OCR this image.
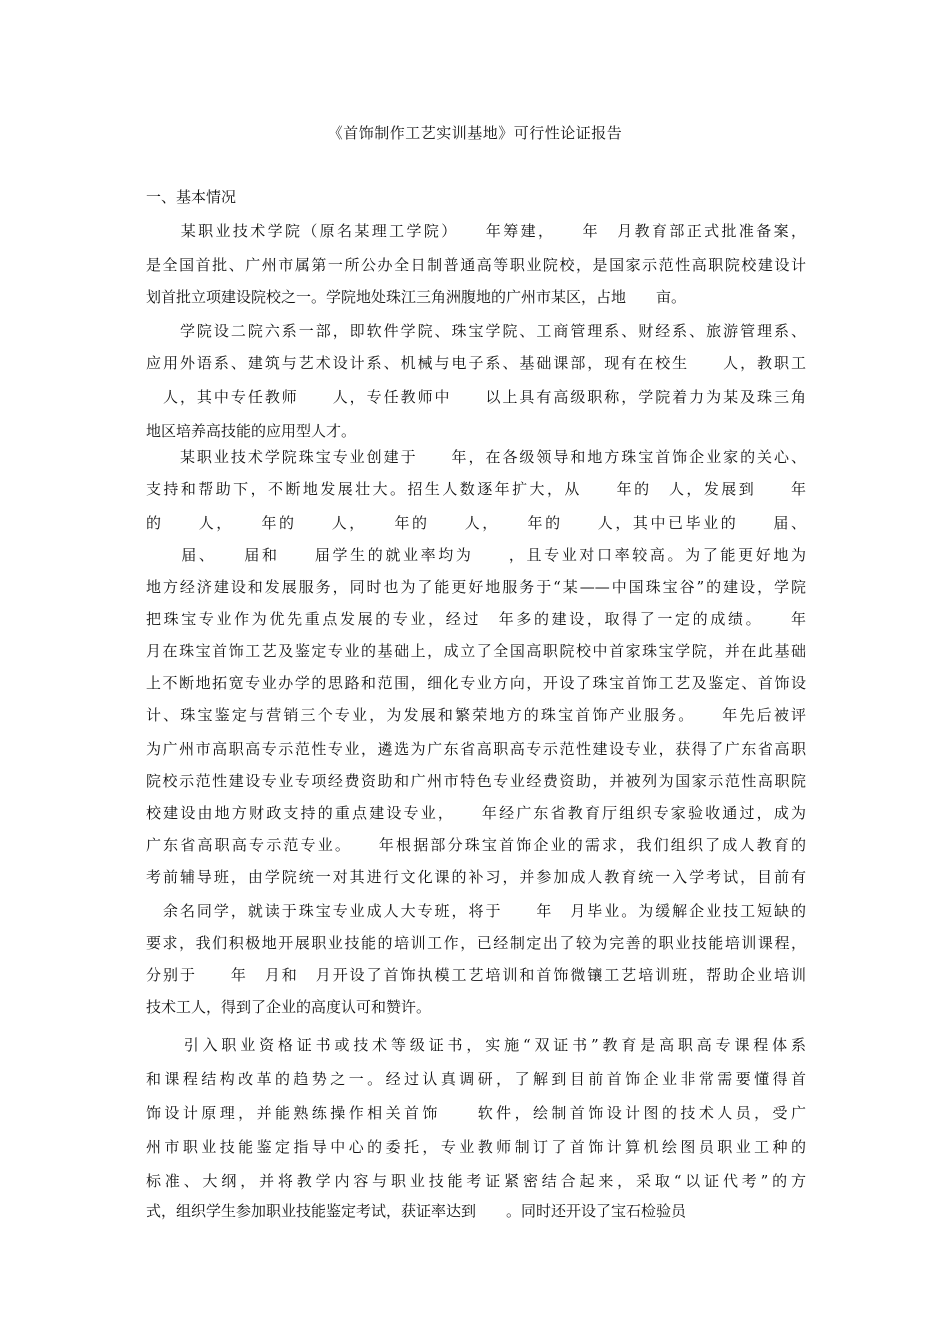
《首饰制作工艺实训基地》可行性论证报告
一、基本情况
　　某职业技术学院（原名某理工学院）　　年筹建，　　年　月教育部正式批准备案，
是全国首批、广州市属第一所公办全日制普通高等职业院校，是国家示范性高职院校建设计
划首批立项建设院校之一。学院地处珠江三角洲腹地的广州市某区，占地　　亩。
　　学院设二院六系一部，即软件学院、珠宝学院、工商管理系、财经系、旅游管理系、
应用外语系、建筑与艺术设计系、机械与电子系、基础课部，现有在校生　　人，教职工
　人，其中专任教师　　人，专任教师中　　以上具有高级职称，学院着力为某及珠三角
地区培养高技能的应用型人才。
　　某职业技术学院珠宝专业创建于　　年，在各级领导和地方珠宝首饰企业家的关心、
支持和帮助下，不断地发展壮大。招生人数逐年扩大，从　　年的　人，发展到　　年
的　　人，　　年的　　人，　　年的　　人，　　年的　　人，其中已毕业的　　届、
　　届、　　届和　　届学生的就业率均为　　，且专业对口率较高。为了能更好地为
地方经济建设和发展服务，同时也为了能更好地服务于“某——中国珠宝谷”的建设，学院
把珠宝专业作为优先重点发展的专业，经过　年多的建设，取得了一定的成绩。　　年
月在珠宝首饰工艺及鉴定专业的基础上，成立了全国高职院校中首家珠宝学院，并在此基础
上不断地拓宽专业办学的思路和范围，细化专业方向，开设了珠宝首饰工艺及鉴定、首饰设
计、珠宝鉴定与营销三个专业，为发展和繁荣地方的珠宝首饰产业服务。　　年先后被评
为广州市高职高专示范性专业，遴选为广东省高职高专示范性建设专业，获得了广东省高职
院校示范性建设专业专项经费资助和广州市特色专业经费资助，并被列为国家示范性高职院
校建设由地方财政支持的重点建设专业，　　年经广东省教育厅组织专家验收通过，成为
广东省高职高专示范专业。　　年根据部分珠宝首饰企业的需求，我们组织了成人教育的
考前辅导班，由学院统一对其进行文化课的补习，并参加成人教育统一入学考试，目前有
　余名同学，就读于珠宝专业成人大专班，将于　　年　月毕业。为缓解企业技工短缺的
要求，我们积极地开展职业技能的培训工作，已经制定出了较为完善的职业技能培训课程，
分别于　　年　月和　月开设了首饰执模工艺培训和首饰微镶工艺培训班，帮助企业培训
技术工人，得到了企业的高度认可和赞许。
　　引入职业资格证书或技术等级证书，实施“双证书”教育是高职高专课程体系
和课程结构改革的趋势之一。经过认真调研，了解到目前首饰企业非常需要懂得首
饰设计原理，并能熟练操作相关首饰　　软件，绘制首饰设计图的技术人员，受广
州市职业技能鉴定指导中心的委托，专业教师制订了首饰计算机绘图员职业工种的
标准、大纲，并将教学内容与职业技能考证紧密结合起来，采取“以证代考”的方
式，组织学生参加职业技能鉴定考试，获证率达到　　。同时还开设了宝石检验员
